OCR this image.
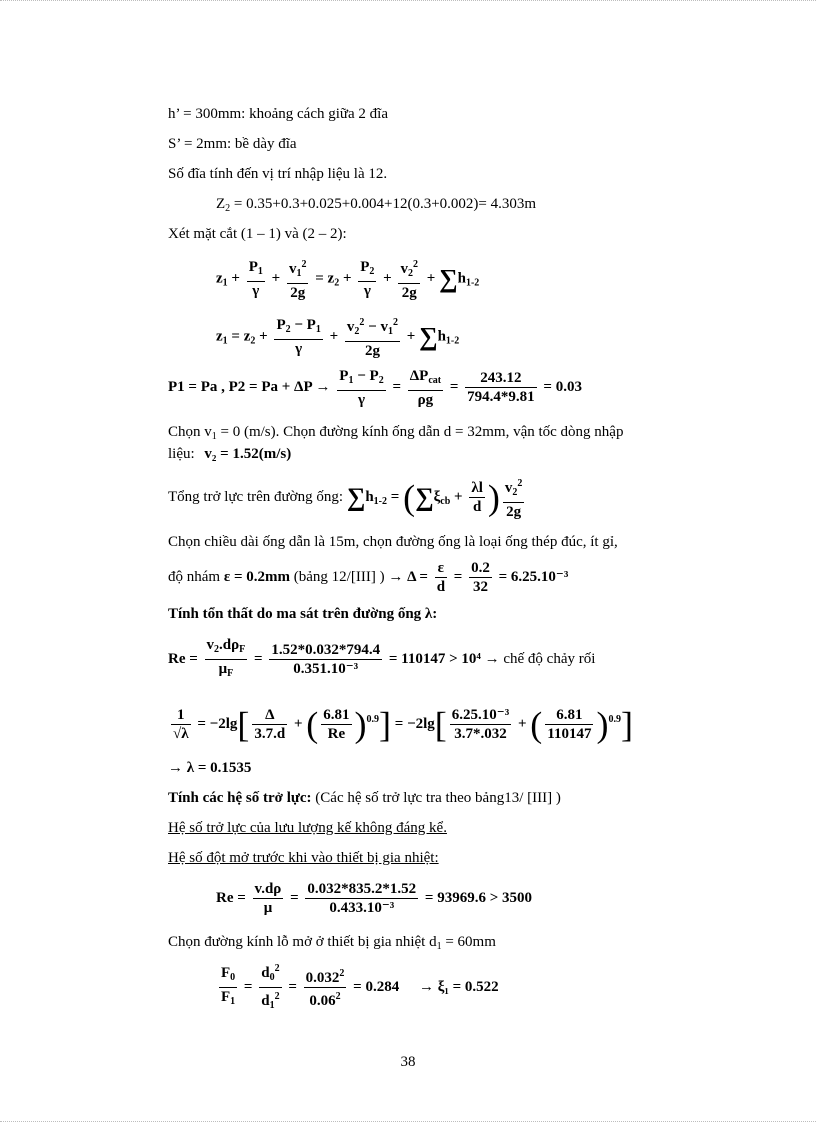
h’ = 300mm: khoảng cách giữa 2 đĩa
S’ = 2mm: bề dày đĩa
Số đĩa tính đến vị trí nhập liệu là 12.
$Z_2 = 0.35+0.3+0.025+0.004+12(0.3+0.002)= 4.303m$
Xét mặt cắt (1 – 1) và (2 – 2):
$z_1 + \frac{P_1}{\gamma} + \frac{v_1^2}{2g} = z_2 + \frac{P_2}{\gamma} + \frac{v_2^2}{2g} + \sum h_{1-2}$
$z_1 = z_2 + \frac{P_2 - P_1}{\gamma} + \frac{v_2^2 - v_1^2}{2g} + \sum h_{1-2}$
P1 = Pa , $P2 = Pa + \Delta P \to \frac{P_1 - P_2}{\gamma}$ =
$\Delta P_{cat}$
ρg
= $\frac{243.12}{794.4*9.81} = 0.03$
Chọn $v_1 = 0$ (m/s). Chọn đường kính ống dẫn d = 32mm, vận tốc dòng nhập
liệu: v₂ = 1.52(m/s)
Tổng trở lực trên đường ống: $\sum h_{1-2} = (\sum\xi_{cb} + \frac{\lambda l}{d}$ ) $\frac{v_2^2}{2g}$
Chọn chiều dài ống dẫn là 15m, chọn đường ống là loại ống thép đúc, ít gỉ,
độ nhám ε = 0.2mm (bảng 12/[III] ) → $\Delta = \frac{\varepsilon}{d} = \frac{0.2}{32} = 6.25.10^{-3}$
Tính tổn thất do ma sát trên đường ống λ:
Re =
$v_2.d\rho_F$
$\mu_F$
= $\frac{1.52*0.032*794.4}{\text{0.351.10⁻³}} = 110147 > 10^4$ → chế độ chảy rối
$\frac{1}{√\lambda} = -2\lg[ \frac{\Delta}{3.7.d}$ + ( $\frac{6.81}{Re} )^{0.9}] = -2\lg[ \frac{\text{6.25.10⁻³}}{3.7*.032}$ + ( $\frac{6.81}{110147} )^{0.9}$]
→ λ = 0.1535
Tính các hệ số trở lực: (Các hệ số trở lực tra theo bảng13/ [III] )
Hệ số trở lực của lưu lượng kế không đáng kể.
Hệ số đột mở trước khi vào thiết bị gia nhiệt:
$Re = \frac{v.d\rho}{\mu} = \frac{0.032*835.2*1.52}{\text{0.433.10⁻³}} = 93969.6 > 3500$
Chọn đường kính lỗ mở ở thiết bị gia nhiệt $d_1 = 60mm$
$\frac{F_0}{F_1} = \frac{d_0^2}{d_1^2} = \frac{0.032^2}{0.06^2} = 0.284 \to \xi_1 = 0.522$
38
